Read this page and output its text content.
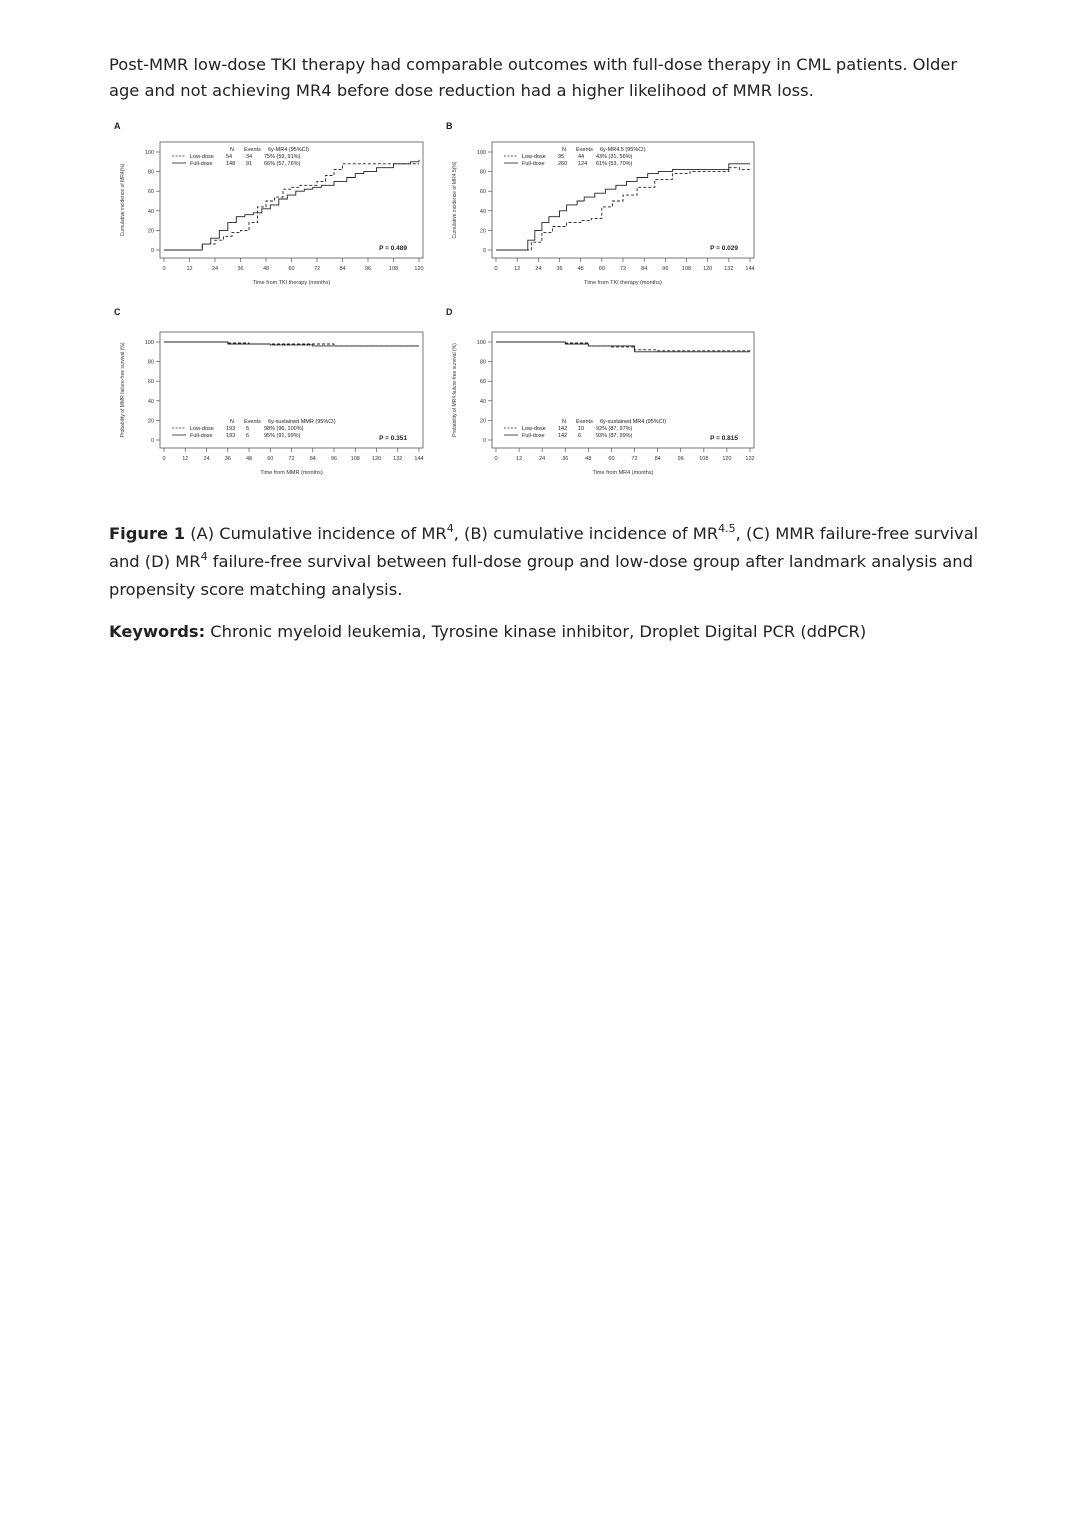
Post-MMR low-dose TKI therapy had comparable outcomes with full-dose therapy in CML patients. Older age and not achieving MR4 before dose reduction had a higher likelihood of MMR loss.

A
0
20
40
60
80
100
0	12	24	36	48	60	72	84	96	108	120
Time from TKI therapy (months)
Cumulative incidence of MR4(%)
N Events 6y-MR4 (95%CI)
Low-dose 54	34 75% (59, 91%)
Full-dose 148 91 66% (57, 76%)
P = 0.489
B
0
20
40
60
80
100
0	12	24	36	48	60	72	84	96 108 120 132 144
Time from TKI therapy (months)
Cumulative incidence of MR4.5(%)
N Events 6y-MR4.5 (95%CI)
Low-dose 95	44 43% (31, 56%)
Full-dose 260 124 61% (53, 70%)
P = 0.029
C
0
20
40
60
80
100
0	12	24	36	48	60	72	84	96 108 120 132 144
Time from MMR (months)
Probability of MMR failure-free survival (%)	N Events 6y-sustained MMR (95%CI)
Low-dose 193 5	98% (96, 100%)
Full-dose 193 6	95% (91, 99%)	P = 0.351
D
0
20
40
60
80
100
0	12	24	36	48	60	72	84	96	108	120	132
Time from MR4 (months)
Probability of MR4 failure-free survival (%)	N Events 6y-sustained MR4 (95%CI)
Low-dose 142 10 92% (87, 97%)
Full-dose 142 6	93% (87, 99%)	P = 0.815

Figure 1 (A) Cumulative incidence of $MR^4$, (B) cumulative incidence of $MR^{4.5}$, (C) MMR failure-free survival and (D) $MR^4$ failure-free survival between full-dose group and low-dose group after landmark analysis and propensity score matching analysis.

Keywords: Chronic myeloid leukemia, Tyrosine kinase inhibitor, Droplet Digital PCR (ddPCR)
